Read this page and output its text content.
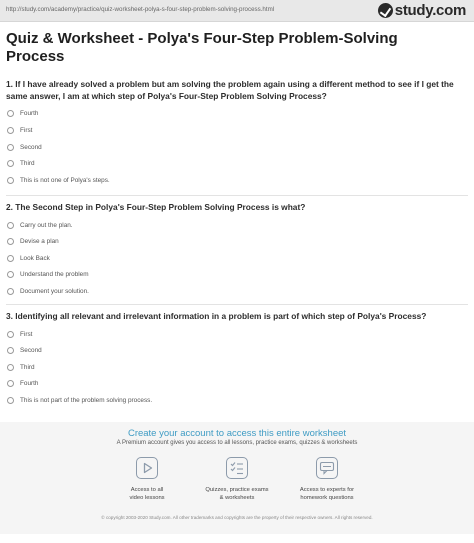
http://study.com/academy/practice/quiz-worksheet-polya-s-four-step-problem-solving-process.html	study.com
Quiz & Worksheet - Polya's Four-Step Problem-Solving Process
1. If I have already solved a problem but am solving the problem again using a different method to see if I get the same answer, I am at which step of Polya's Four-Step Problem Solving Process?
Fourth
First
Second
Third
This is not one of Polya's steps.
2. The Second Step in Polya's Four-Step Problem Solving Process is what?
Carry out the plan.
Devise a plan
Look Back
Understand the problem
Document your solution.
3. Identifying all relevant and irrelevant information in a problem is part of which step of Polya's Process?
First
Second
Third
Fourth
This is not part of the problem solving process.
Create your account to access this entire worksheet
A Premium account gives you access to all lessons, practice exams, quizzes & worksheets
Access to all
video lessons
Quizzes, practice exams
& worksheets
Access to experts for
homework questions
© copyright 2003-2020 Study.com. All other trademarks and copyrights are the property of their respective owners. All rights reserved.
